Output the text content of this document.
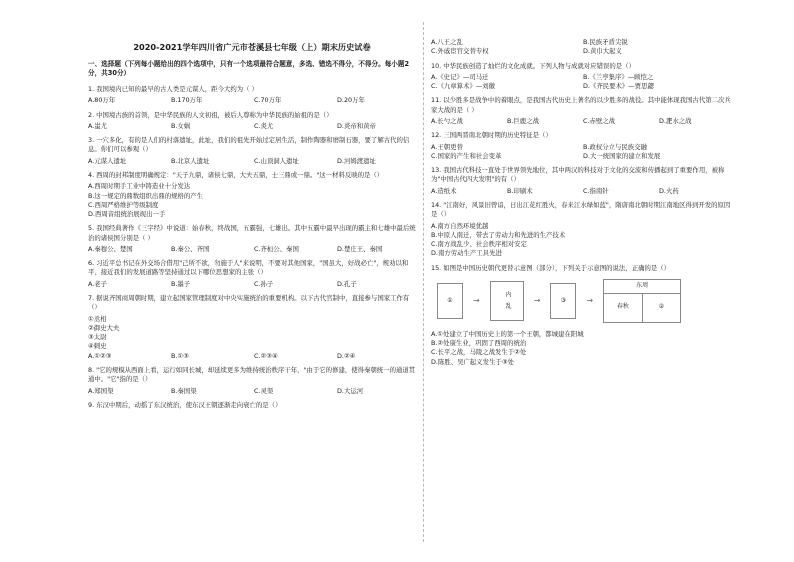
2020-2021学年四川省广元市苍溪县七年级（上）期末历史试卷
一、选择题（下列每小题给出的四个选项中，只有一个选项最符合题意，多选、错选不得分，不得分。每小题2分，共30分）
1. 我国境内已知的最早的古人类是元谋人，距今大约为（ ）
A.80万年	B.170万年	C.70万年	D.20万年
2. 中国境古族的首领，是中华民族的人文初祖，被后人尊称为中华民族的始祖的是（）
A.蚩尤	B.女娲	C.炎尤	D.炎帝和黄帝
3. 一穴多化，有的是人们的村落遗址，此址，我们的祖先开始过定居生活，制作陶器和磨制石器，要了解古代的信息。你们可以参观（）
A.元谋人遗址	B.北京人遗址	C.山顶洞人遗址	D.河姆渡遗址
4. 西周的封邦制度明确规定："天子九鼎，诸侯七鼎，大夫五鼎，士三鼎或一鼎。"这一材料反映的是（）
A.西周时期手工业中铸造业十分发达
B.这一规定的鼎数组织出鼎的规格的产生
C.西周严格维护等级制度
D.西周音组统治展现出一手
5. 我国经典著作《三字经》中说道：始春秋，终战国，五霸强，七雄出。其中五霸中最早出现的霸主和七雄中最后统治的诸侯国分别是（ ）
A.秦穆公、楚国	B.秦公、齐国	C.齐桓公、秦国	D.楚庄王、秦国
6. 习近平总书记在外交场合借用"己所不欲，勿施于人"来说明，不要对其他国家，"国虽大，好战必亡"，规劝以和平、接近我们的发展道路等坚持通过以下哪位思想家的主张（）
A.老子	B.墨子	C.孙子	D.孔子
7. 据说齐国商周朝时期，建立起国家管理制度对中央实施统治的重要机构。以下古代官制中，直接参与国家工作有（）
①丞相
②御史大夫
③太尉
④刺史
A.①②③	B.①③	C.②③④	D.②④
8. "它的规模从西面上看，运行如同长城，却延续更多为维持统治秩序干年，"由于它的修建，使得秦朝统一的通道贯通中。"它"指的是（）
A.郑国渠	B.秦国渠	C.灵渠	D.大运河
9. 东汉中期后，动摇了东汉统治，使东汉王朝逐渐走向衰亡的是（）
A.八王之乱	B.民族矛盾尖锐
C.外戚宦官交替专权	D.黄巾大起义
10. 中华民族创造了灿烂的文化成就。下列人物与成就对应错误的是（）
A.《史记》—司马迁	B.《兰亭集序》—顾恺之
C.《九章算术》—刘徽	D.《齐民要术》—贾思勰
11. 以少胜多是战争中的着眼点，是我国古代历史上著名的以少胜多的战役。其中能体现我国古代第二次兵家大战的是（ ）
A.长勺之战	B.巨鹿之战	C.赤壁之战	D.淝水之战
12. 三国两晋南北朝时期的历史特征是（）
A.王朝更替	B.政权分立与民族交融
C.国家的产生和社会变革	D.大一统国家的建立和发展
13. 我国古代科技一直处于世界领先地位，其中两汉的科技对于文化的交流和传播起到了重要作用，被称为"中国古代四大发明"的有（）
A.造纸术	B.印刷术	C.指南针	D.火药
14. "江南好，风景旧曾谙，日出江花红胜火，春来江水绿如蓝"，隋唐南北朝时期江南地区得到开发的原因是（）
A.南方自然环境优越
B.中原人南迁，带去了劳动力和先进的生产技术
C.南方战乱少、社会秩序相对安定
D.南方劳动生产工具先进
15. 如图是中国历史朝代更替示意图（部分），下列关于示意图的说法，正确的是（）
①	→	内 乱	→	③	→
东周
春秋	②
A.①处建立了中国历史上的第一个王朝，都城建在阳城
B.②处康生业，巩固了西周的统治
C.长平之战，马陵之战发生于②处
D.陈胜、吴广起义发生于③处
